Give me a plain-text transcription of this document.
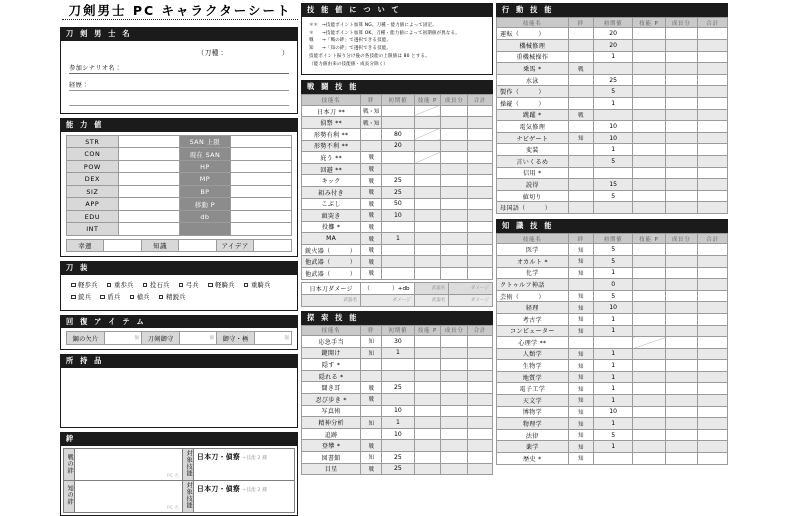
刀剣男士 PC キャラクターシート
刀 剣 男 士 名
（刀種：	）
参加シナリオ名：
経歴：

能 力 値
STR		SAN 上限	
CON		現在 SAN	
POW		HP	
DEX		MP	
SIZ		BP	
APP		移動 P	
EDU		db	
INT			
幸運		知識		アイデア	
刀 装
軽歩兵	重歩兵	投石兵	弓兵	軽騎兵	重騎兵
銃兵	盾兵	槍兵	精鋭兵
回 復 ア イ テ ム
鋼の欠片	個	刀剣御守	個	御守・極	個
所 持 品
絆
戦の絆	PC 名	対象技能	日本刀・偵察 ＋技能 2 種
知の絆	PC 名	対象技能	日本刀・偵察 ＋技能 2 種
技 能 値 に つ い て
＊＊ →技能ポイント加算 NG。刀種・能力値によって固定。
＊ →技能ポイント加算 OK。刀種・能力値によって初期値が異なる。
戦 →「戦の絆」で選択できる技能。
知 →「知の絆」で選択できる技能。
技能ポイント振り分け後の各技能の上限値は 80 とする。
（能力値由来の技能値・成長分除く）
戦 闘 技 能
技能名	絆	初期値	技能 P	成長分	合計
日本刀 **	戦・知				
偵察 **	戦・知				
形勢有利 **		80			
形勢不利 **		20			
庇う **	戦				
回避 **	戦				
キック	戦	25			
組み付き	戦	25			
こぶし	戦	50			
頭突き	戦	10			
投擲 *	戦				
MA	戦	1			
銃火器（　　　）	戦				
他武器（　　　）	戦				
他武器（　　　）	戦				
日本刀ダメージ	（　　　　）+db	武器名	ダメージ
武器名	ダメージ	武器名	ダメージ
探 索 技 能
技能名	絆	初期値	技能 P	成長分	合計
応急手当	知	30			
鍵開け	知	1			
隠す *					
隠れる *					
聞き耳	戦	25			
忍び歩き *	戦				
写真術		10			
精神分析	知	1			
追跡		10			
登攀 *	戦				
図書館	知	25			
目星	戦	25			
行 動 技 能
技能名	絆	初期値	技能 P	成長分	合計
運転（　　　）		20			
機械修理		20			
重機械操作		1			
乗馬 *	戦				
水泳		25			
製作（　　　）		5			
操縦（　　　）		1			
跳躍 *	戦				
電気修理		10			
ナビゲート	知	10			
変装		1			
言いくるめ		5			
信用 *					
説得		15			
値切り		5			
母国語（　　　）					
知 識 技 能
技能名	絆	初期値	技能 P	成長分	合計
医学	知	5			
オカルト *	知	5			
化学	知	1			
クトゥルフ神話		0			
芸術（　　　）	知	5			
経理	知	10			
考古学	知	1			
コンピューター	知	1			
心理学 **					
人類学	知	1			
生物学	知	1			
地質学	知	1			
電子工学	知	1			
天文学	知	1			
博物学	知	10			
物理学	知	1			
法律	知	5			
薬学	知	1			
歴史 *	知				
